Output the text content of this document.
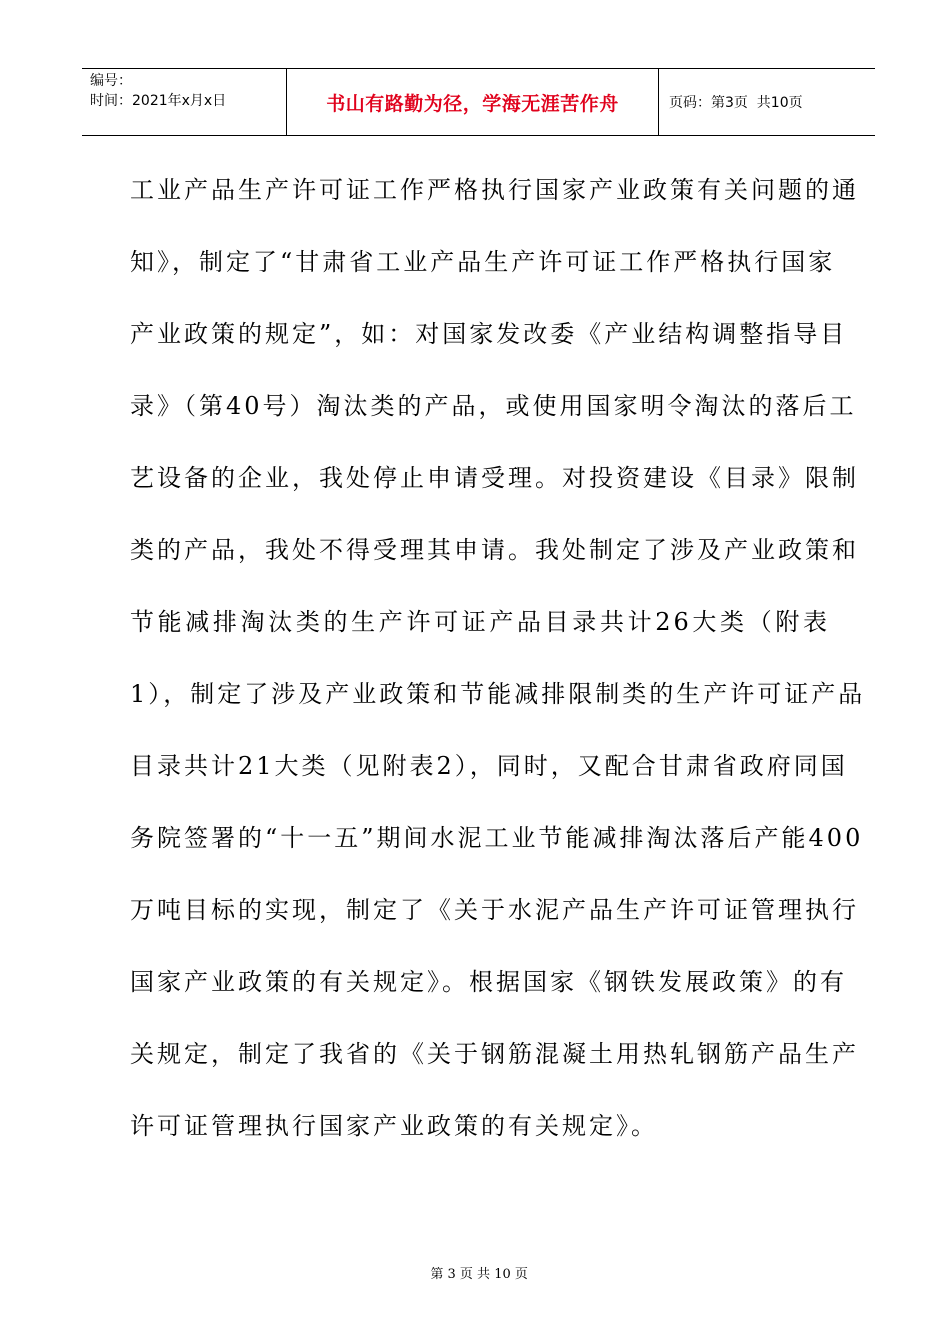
编号：
时间：2021年x月x日	书山有路勤为径，学海无涯苦作舟	页码：第3页  共10页
工业产品生产许可证工作严格执行国家产业政策有关问题的通
知》，制定了“甘肃省工业产品生产许可证工作严格执行国家
产业政策的规定”，如：对国家发改委《产业结构调整指导目
录》（第40号）淘汰类的产品，或使用国家明令淘汰的落后工
艺设备的企业，我处停止申请受理。对投资建设《目录》限制
类的产品，我处不得受理其申请。我处制定了涉及产业政策和
节能减排淘汰类的生产许可证产品目录共计26大类（附表
1），制定了涉及产业政策和节能减排限制类的生产许可证产品
目录共计21大类（见附表2），同时，又配合甘肃省政府同国
务院签署的“十一五”期间水泥工业节能减排淘汰落后产能400
万吨目标的实现，制定了《关于水泥产品生产许可证管理执行
国家产业政策的有关规定》。根据国家《钢铁发展政策》的有
关规定，制定了我省的《关于钢筋混凝土用热轧钢筋产品生产
许可证管理执行国家产业政策的有关规定》。

第 3 页 共 10 页
